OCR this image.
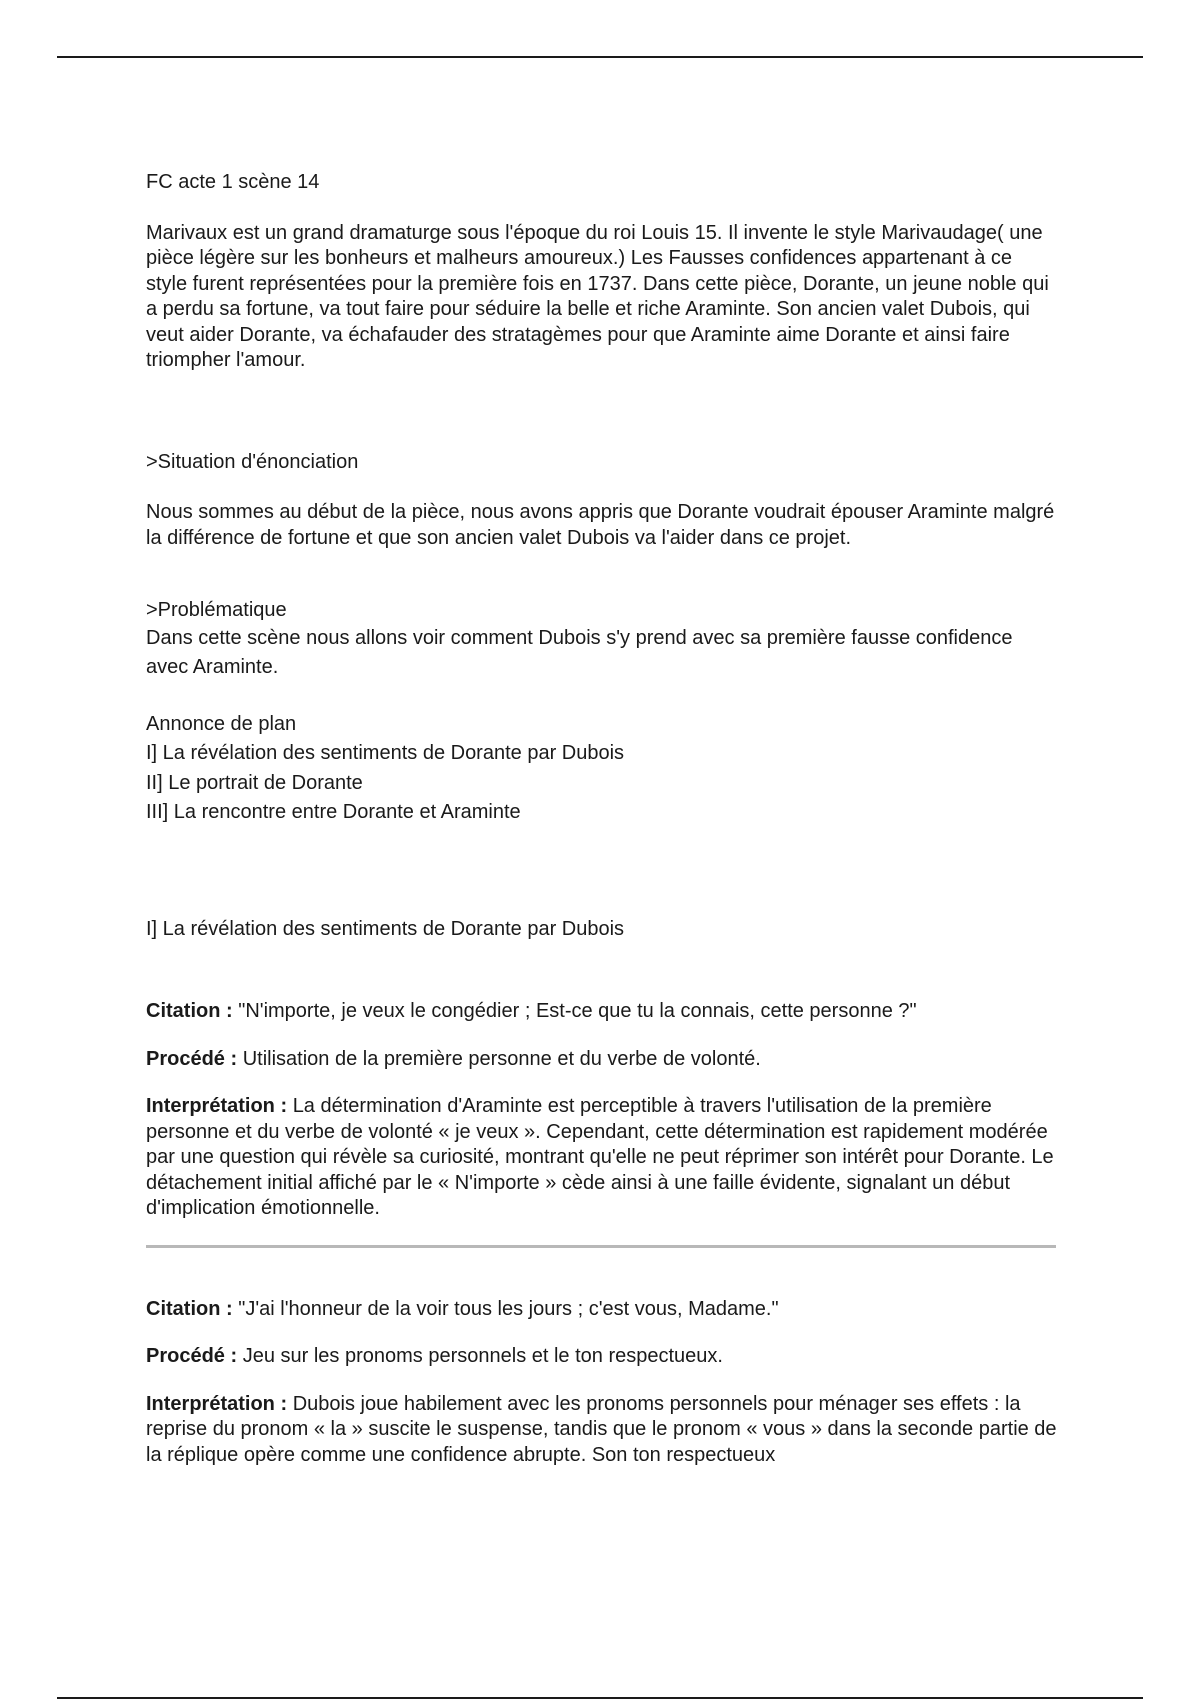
FC acte 1 scène 14

Marivaux est un grand dramaturge sous l'époque du roi Louis 15. Il invente le style Marivaudage( une pièce légère sur les bonheurs et malheurs amoureux.) Les Fausses confidences appartenant à ce style furent représentées pour la première fois en 1737. Dans cette pièce, Dorante, un jeune noble qui a perdu sa fortune, va tout faire pour séduire la belle et riche Araminte. Son ancien valet Dubois, qui veut aider Dorante, va échafauder des stratagèmes pour que Araminte aime Dorante et ainsi faire triompher l'amour.

>Situation d'énonciation

Nous sommes au début de la pièce, nous avons appris que Dorante voudrait épouser Araminte malgré la différence de fortune et que son ancien valet Dubois va l'aider dans ce projet.

>Problématique

Dans cette scène nous allons voir comment Dubois s'y prend avec sa première fausse confidence avec Araminte.

Annonce de plan

I] La révélation des sentiments de Dorante par Dubois

II] Le portrait de Dorante

III] La rencontre entre Dorante et Araminte

I] La révélation des sentiments de Dorante par Dubois

Citation : "N'importe, je veux le congédier ; Est-ce que tu la connais, cette personne ?"

Procédé : Utilisation de la première personne et du verbe de volonté.

Interprétation : La détermination d'Araminte est perceptible à travers l'utilisation de la première personne et du verbe de volonté « je veux ». Cependant, cette détermination est rapidement modérée par une question qui révèle sa curiosité, montrant qu'elle ne peut réprimer son intérêt pour Dorante. Le détachement initial affiché par le « N'importe » cède ainsi à une faille évidente, signalant un début d'implication émotionnelle.

Citation : "J'ai l'honneur de la voir tous les jours ; c'est vous, Madame."

Procédé : Jeu sur les pronoms personnels et le ton respectueux.

Interprétation : Dubois joue habilement avec les pronoms personnels pour ménager ses effets : la reprise du pronom « la » suscite le suspense, tandis que le pronom « vous » dans la seconde partie de la réplique opère comme une confidence abrupte. Son ton respectueux
